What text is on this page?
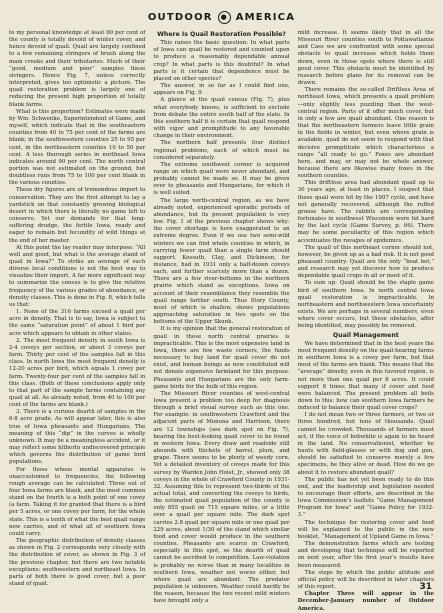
OUTDOOR	● AMERICA

to my personal knowledge at least 60 per cent of the county is totally devoid of winter cover, and hence devoid of quail. Quail are largely confined to a few remaining stringers of brush along the main creeks and their tributaries. Much of their “good, medium and poor” samples these stringers. Hence Fig. 7, unless correctly interpreted, gives too optimistic a picture. The quail restoration problem is largely one of reducing the present high proportion of totally blank farms.

What is this proportion? Estimates were made by Wm. Schwenke, Superintendent of Game, and myself, which indicate that in the southeastern counties from 40 to 75 per cent of the farms are blank; in the southwestern counties 25 to 95 per cent, in the northeastern counties 10 to 50 per cent. A less thorough series in northeast Iowa indicates around 90 per cent. The north central portion was not estimated on the ground, but doubtless runs from 75 to 100 per cent blank in the various counties.

These dry figures are of tremendous import to conservation. They are the first attempt to lay a yardstick on that constantly growing biological desert in which there is literally no game left to conserve. Yet our demands for that long-suffering drudge, the fertile Iowa, ready and eager to remain but fecundity of wild things at the end of her master.

At this point the lay reader may interpose: “All well and good, but what is the average stand of quail in Iowa?” To strike an average of such diverse local conditions is not the best way to visualize their import. A far more significant way to summarize the census is to give the relative frequency of the various grades of abundance, or density classes. This is done in Fig. 8, which tells us that:

1. None of the 316 farms exceed a quail per acre in density. That is to say, Iowa is subject to the same “saturation point” of about 1 bird per acre which appears to obtain in other states.

2. The most frequent density in south Iowa is 2-4 coveys per section, or about 3 coveys per farm. Thirty per cent of the samples fall in this class. In north Iowa the most frequent density is 12-20 acres per bird, which equals 1 covey per farm. Twenty-four per cent of the samples fall in this class. (Both of these conclusions apply only to that part of the sample farms containing any quail at all. As already noted, from 40 to 100 per cent of the farms are blank.)

3. There is a curious dearth of samples in the 6-8 acre grade. As will appear later, this is also true of Iowa pheasants and Hungarians. The meaning of this “dip” in the curves is wholly unknown. It may be a meaningless accident, or it may reflect some hitherto undiscovered principle which governs the distribution of game bird populations.

For those whose mental apparatus is unaccustomed to frequencies, the following rough average can be calculated: Three out of four Iowa farms are blank, and the most common stand on the fourth is a both point of one covey (a farm. Taking it for granted that there is a bird per 5 acres, or one covey per farm, for the whole state. This is a tenth of what the best quail range now carries, and of what all of southern Iowa could carry.

The geographic distribution of density classes as shown in Fig. 2 corresponds very closely with the distribution of cover, as shown in Fig. 3 of the previous chapter, but there are two notable exceptions: southwestern and northeast Iowa. In parts of both there is good cover, but a poor stand of quail.

Where Is Quail Restoration Possible?

This raises the basic question: In what parts of Iowa can quail be restored and counted upon to produce a reasonably dependable annual crop? In what parts is this doubtful? In what parts is it certain that dependence must be placed on other species?

The answer, in so far as I could find one, appears on Fig. 9.

A glance at the quail census (Fig. 7), plus what everybody knows, is sufficient to exclude from debate the entire south half of the state. In this southern half it is certain that quail respond with vigor and promptitude to any favorable change in their environment.

The northern half presents four distinct regional problems, each of which must be considered separately.

The extreme southwest corner is acquired range on which quail were never abundant, and probably cannot be made so. It may be given over to pheasants and Hungarians, for which it is well suited.

The large north-central region, as we have already noted, experienced sporadic periods of abundance, but its present population is very low. Fig. 1 of the previous chapter shows why: the cover shortage is here exaggerated to an extreme degree. Even if we use two semi-wild winters we can find whole counties in which, in carrying fewer quail than a single farm should support. Kossuth, Clay, and Dickinson, for instance, had in 1931 only a half-dozen coveys each, and further scarcely more than a dozen. There are a few river-bottoms in the northern prairie which stand as exceptions. Iowa on account of their resemblance they resemble the quail range farther south. Thus Story County, most of which is shallow, shows populations approaching saturation in two spots on the bottoms of the Upper Skunk.

It is my opinion that the general restoration of quail in these north central prairies is impracticable. This is the most expensive land in Iowa, there are few waste corners, the funds necessary to buy land for quail cover do not exist, and human beings as now constituted will not donate expensive farmland for this purpose. Pheasants and Hungarians are the only farm-game birds for the bulk of this region.

The Missouri River counties of west-central Iowa present a problem too deep for diagnosis through a brief visual survey such as this one. For example: in southwestern Crawford and the adjacent parts of Monona and Harrison, there are 12 townships (see dark spot on Fig. 7), bearing the best-looking quail cover to be found in western Iowa. Every draw and roadside still abounds with thickets of barrel, plum, and grape. There seems to be plenty of weedy corn. Yet a detailed inventory of coveys made for this survey by Warden John Holst, Jr., showed only 38 coveys in the whole of Crawford County in 1931-32. Assuming this to represent two-thirds of the actual total, and converting the coveys to birds, the estimated quail population of the county is only 855 quail on 715 square miles, or a little over a quail per square mile. The dark spot carries 2.8 quail per square mile or one quail per 229 acres, about 1/30 of the stand which similar food and cover would produce in the southern counties. Pheasants are scarce in Crawford, especially in this spot, so the dearth of quail cannot be ascribed to competition. Law-violation is probably no worse than in many localities in southern Iowa, weather not worse either, but where quail are abundant. The predator population is unknown. Weather could hardly be the reason, because the two recent mild winters have brought only a

mild increase. It seems likely that in all the Missouri River counties south to Pottawattamie and Cass we are confronted with some special obstacle to quail increase which holds them down, even in those spots where there is still good cover. This obstacle must be identified by research before plans for its removal can be drawn.

There remains the so-called Driftless Area of northeast Iowa, which presents a quail problem—only slightly less puzzling than the west-central region. Parts of it offer much cover, but in only a few are quail abundant. One reason is that the northeastern farmers leave little grain in the fields in winter, but even where grain is available, quail do not seem to respond with that decisive promptitude which characterizes a range “all ready to go.” Foxes are abundant here, and may, or may not be whole answer, because there are likewise many foxes in the southern counties.

This driftless area had abundant quail up to 30 years ago, at least in places. I suspect that these quail were hit by the 1907 cycle, and have not generally recovered, although the ruffed grouse have. The rabbits are corresponding fortunates in southwest Wisconsin were hit hard by the last cycle (Game Survey, p. 66). There may be some peculiarity of this region which accentuates the ravages of epidemics.

The quail of this northeast corner should not, however, be given up as a bad risk. It is not good pheasant country. Quail are the only “boat bet,” and research may yet discover how to produce dependable quail crops in all or most of it.

To sum up: Quail should be the staple game bird of southern Iowa. In north central Iowa quail restoration is impracticable. In northeastern and northwestern Iowa uncertainty exists. We are perhaps in several numbers, even where cover occurs, but these obstacles, after being identified, may possibly be removed.

Quail Management

We have determined that in the best years the most frequent density on the quail-bearing farms in southern Iowa is a covey per farm, but that most of the farms are blank. This means that the “average” density, even in this favored region, is not more than one quail per 8 acres. It could support 8 times that many if cover and food were balanced. The present problem all boils down to this: how can southern Iowa farmers be induced to balance their quail cover crops?

I do not mean two or three farmers, or two or three hundred, but tens of thousands. Quail cannot be crowded. Thousands of farmers must act, if the voice of bobwhite is again to be heard in the land. No conservationist, whether he hunts with field-glasses or with dog and gun, should be satisfied to conserve merely a few specimens, be they alive or dead. How do we go about it to restore abundant quail?

The public has not yet been ready to do this end, and the leadership and legislation needed to encourage their efforts, are described in the Iowa Commission’s leaflets “Game Management Program for Iowa” and “Game Policy for 1932-3.”

The technique for restoring cover and food will be explained to the public in the new booklet, “Management of Upland Game in Iowa.”

The demonstration farms which are testing and developing that technique will be reported on next year, after the first year’s results have been measured.

The steps by which the public attitude and official policy will be described in later chapters of this report.

Chapter Three will appear in the December-January number of Outdoor America.

31
